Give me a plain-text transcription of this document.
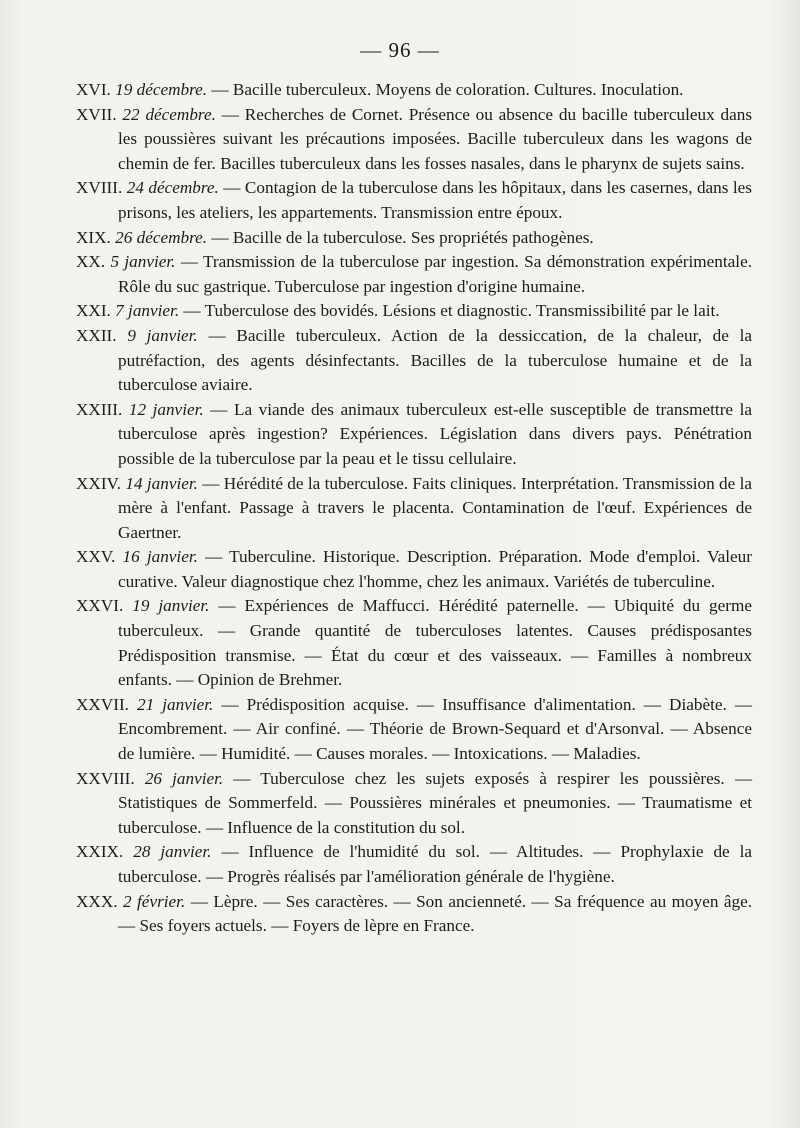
— 96 —

XVI. 19 décembre. — Bacille tuberculeux. Moyens de coloration. Cultures. Inoculation.

XVII. 22 décembre. — Recherches de Cornet. Présence ou absence du bacille tuberculeux dans les poussières suivant les précautions imposées. Bacille tuberculeux dans les wagons de chemin de fer. Bacilles tuberculeux dans les fosses nasales, dans le pharynx de sujets sains.

XVIII. 24 décembre. — Contagion de la tuberculose dans les hôpitaux, dans les casernes, dans les prisons, les ateliers, les appartements. Transmission entre époux.

XIX. 26 décembre. — Bacille de la tuberculose. Ses propriétés pathogènes.

XX. 5 janvier. — Transmission de la tuberculose par ingestion. Sa démonstration expérimentale. Rôle du suc gastrique. Tuberculose par ingestion d'origine humaine.

XXI. 7 janvier. — Tuberculose des bovidés. Lésions et diagnostic. Transmissibilité par le lait.

XXII. 9 janvier. — Bacille tuberculeux. Action de la dessiccation, de la chaleur, de la putréfaction, des agents désinfectants. Bacilles de la tuberculose humaine et de la tuberculose aviaire.

XXIII. 12 janvier. — La viande des animaux tuberculeux est-elle susceptible de transmettre la tuberculose après ingestion? Expériences. Législation dans divers pays. Pénétration possible de la tuberculose par la peau et le tissu cellulaire.

XXIV. 14 janvier. — Hérédité de la tuberculose. Faits cliniques. Interprétation. Transmission de la mère à l'enfant. Passage à travers le placenta. Contamination de l'œuf. Expériences de Gaertner.

XXV. 16 janvier. — Tuberculine. Historique. Description. Préparation. Mode d'emploi. Valeur curative. Valeur diagnostique chez l'homme, chez les animaux. Variétés de tuberculine.

XXVI. 19 janvier. — Expériences de Maffucci. Hérédité paternelle. — Ubiquité du germe tuberculeux. — Grande quantité de tuberculoses latentes. Causes prédisposantes Prédisposition transmise. — État du cœur et des vaisseaux. — Familles à nombreux enfants. — Opinion de Brehmer.

XXVII. 21 janvier. — Prédisposition acquise. — Insuffisance d'alimentation. — Diabète. — Encombrement. — Air confiné. — Théorie de Brown-Sequard et d'Arsonval. — Absence de lumière. — Humidité. — Causes morales. — Intoxications. — Maladies.

XXVIII. 26 janvier. — Tuberculose chez les sujets exposés à respirer les poussières. — Statistiques de Sommerfeld. — Poussières minérales et pneumonies. — Traumatisme et tuberculose. — Influence de la constitution du sol.

XXIX. 28 janvier. — Influence de l'humidité du sol. — Altitudes. — Prophylaxie de la tuberculose. — Progrès réalisés par l'amélioration générale de l'hygiène.

XXX. 2 février. — Lèpre. — Ses caractères. — Son ancienneté. — Sa fréquence au moyen âge. — Ses foyers actuels. — Foyers de lèpre en France.
